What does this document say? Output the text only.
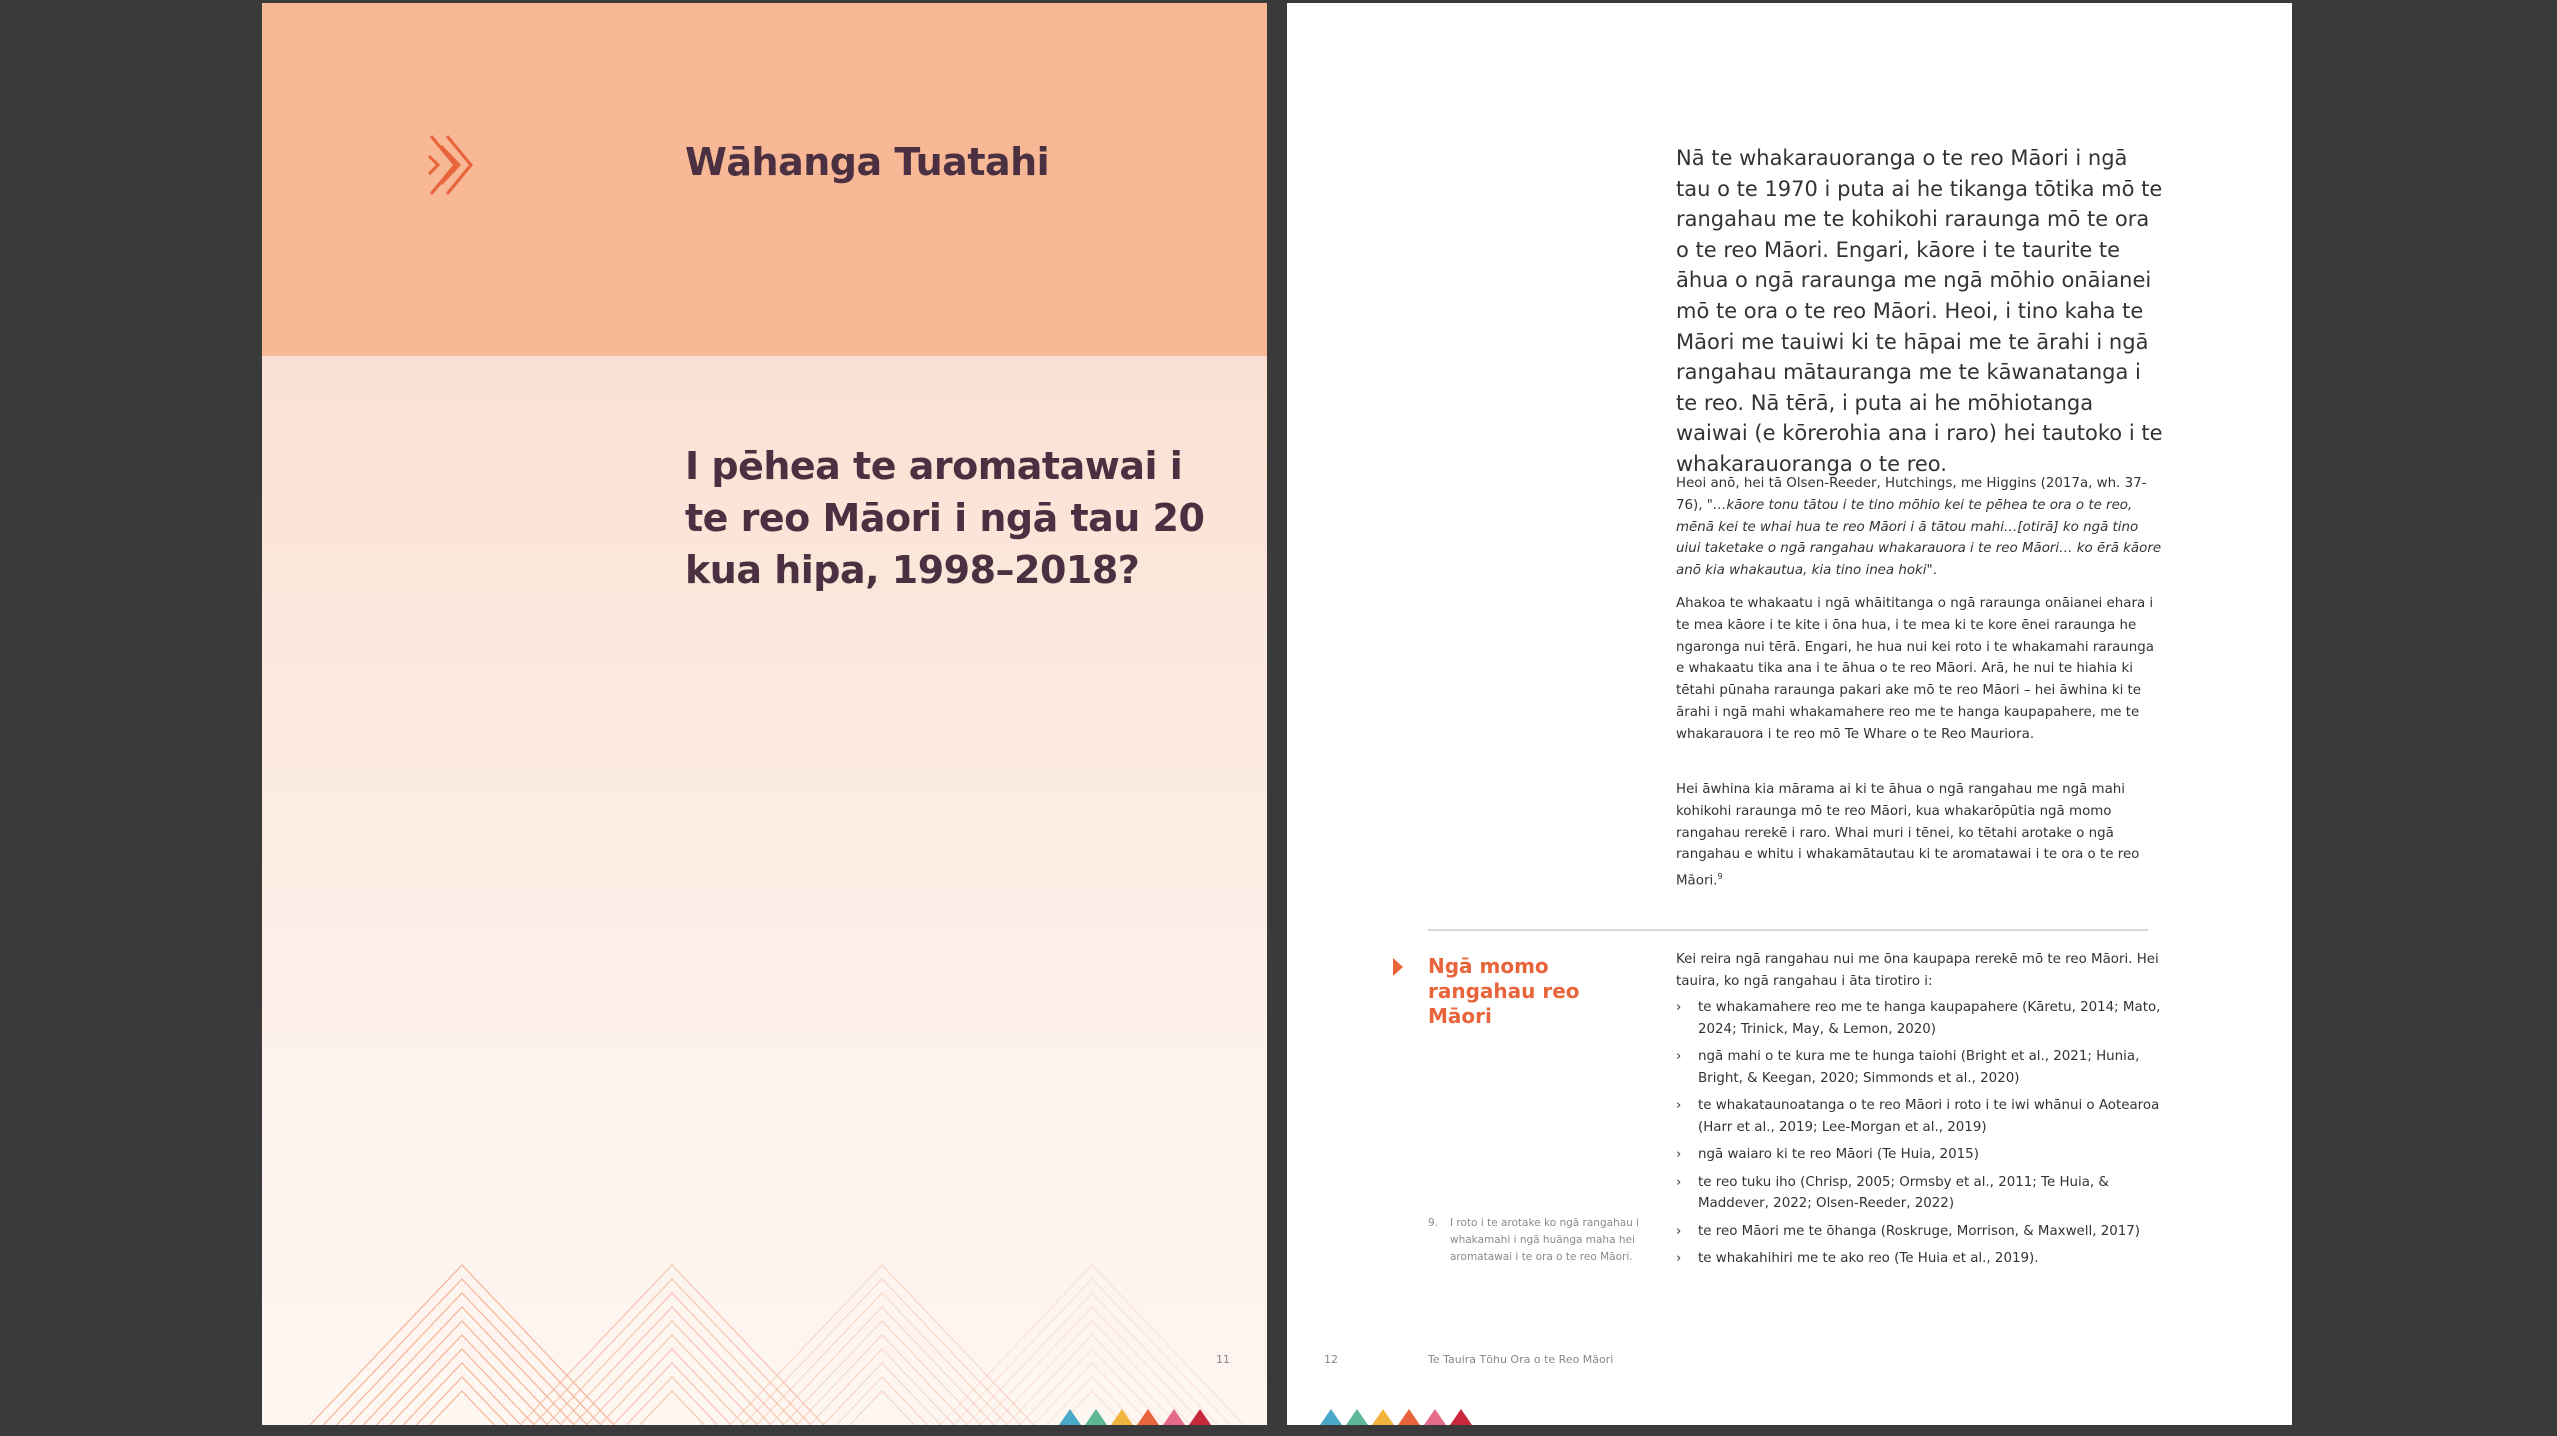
Wāhanga Tuatahi
I pēhea te aromatawai i te reo Māori i ngā tau 20 kua hipa, 1998–2018?
11

Nā te whakarauoranga o te reo Māori i ngā tau o te 1970 i puta ai he tikanga tōtika mō te rangahau me te kohikohi raraunga mō te ora o te reo Māori. Engari, kāore i te taurite te āhua o ngā raraunga me ngā mōhio onāianei mō te ora o te reo Māori. Heoi, i tino kaha te Māori me tauiwi ki te hāpai me te ārahi i ngā rangahau mātauranga me te kāwanatanga i te reo. Nā tērā, i puta ai he mōhiotanga waiwai (e kōrerohia ana i raro) hei tautoko i te whakarauoranga o te reo.

Heoi anō, hei tā Olsen-Reeder, Hutchings, me Higgins (2017a, wh. 37-76), "…kāore tonu tātou i te tino mōhio kei te pēhea te ora o te reo, mēnā kei te whai hua te reo Māori i ā tātou mahi…[otirā] ko ngā tino uiui taketake o ngā rangahau whakarauora i te reo Māori… ko ērā kāore anō kia whakautua, kia tino inea hoki".

Ahakoa te whakaatu i ngā whāititanga o ngā raraunga onāianei ehara i te mea kāore i te kite i ōna hua, i te mea ki te kore ēnei raraunga he ngaronga nui tērā. Engari, he hua nui kei roto i te whakamahi raraunga e whakaatu tika ana i te āhua o te reo Māori. Arā, he nui te hiahia ki tētahi pūnaha raraunga pakari ake mō te reo Māori – hei āwhina ki te ārahi i ngā mahi whakamahere reo me te hanga kaupapahere, me te whakarauora i te reo mō Te Whare o te Reo Mauriora.

Hei āwhina kia mārama ai ki te āhua o ngā rangahau me ngā mahi kohikohi raraunga mō te reo Māori, kua whakarōpūtia ngā momo rangahau rerekē i raro. Whai muri i tēnei, ko tētahi arotake o ngā rangahau e whitu i whakamātautau ki te aromatawai i te ora o te reo Māori.$^9$

Ngā momo rangahau reo Māori

Kei reira ngā rangahau nui me ōna kaupapa rerekē mō te reo Māori. Hei tauira, ko ngā rangahau i āta tirotiro i:

› te whakamahere reo me te hanga kaupapahere (Kāretu, 2014; Mato, 2024; Trinick, May, & Lemon, 2020)
› ngā mahi o te kura me te hunga taiohi (Bright et al., 2021; Hunia, Bright, & Keegan, 2020; Simmonds et al., 2020)
› te whakataunoatanga o te reo Māori i roto i te iwi whānui o Aotearoa (Harr et al., 2019; Lee-Morgan et al., 2019)
› ngā waiaro ki te reo Māori (Te Huia, 2015)
› te reo tuku iho (Chrisp, 2005; Ormsby et al., 2011; Te Huia, & Maddever, 2022; Olsen-Reeder, 2022)
› te reo Māori me te ōhanga (Roskruge, Morrison, & Maxwell, 2017)
› te whakahihiri me te ako reo (Te Huia et al., 2019).
9.	I roto i te arotake ko ngā rangahau i whakamahi i ngā huānga maha hei aromatawai i te ora o te reo Māori.
12	Te Tauira Tōhu Ora o te Reo Māori
